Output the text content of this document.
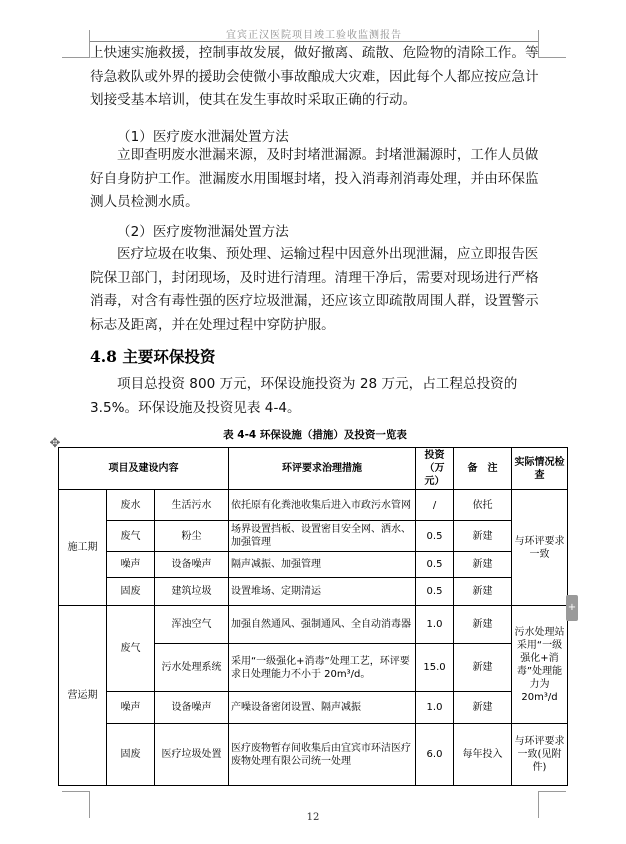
宜宾正汉医院项目竣工验收监测报告
上快速实施救援，控制事故发展，做好撤离、疏散、危险物的清除工作。等待急救队或外界的援助会使微小事故酿成大灾难，因此每个人都应按应急计划接受基本培训，使其在发生事故时采取正确的行动。
（1）医疗废水泄漏处置方法
立即查明废水泄漏来源，及时封堵泄漏源。封堵泄漏源时，工作人员做好自身防护工作。泄漏废水用围堰封堵，投入消毒剂消毒处理，并由环保监测人员检测水质。
（2）医疗废物泄漏处置方法
医疗垃圾在收集、预处理、运输过程中因意外出现泄漏，应立即报告医院保卫部门，封闭现场，及时进行清理。清理干净后，需要对现场进行严格消毒，对含有毒性强的医疗垃圾泄漏，还应该立即疏散周围人群，设置警示标志及距离，并在处理过程中穿防护服。
4.8 主要环保投资
项目总投资 800 万元，环保设施投资为 28 万元，占工程总投资的 3.5%。环保设施及投资见表 4-4。
表 4-4 环保设施（措施）及投资一览表
✥
项目及建设内容			环评要求治理措施	投资（万元）	备　注	实际情况检查
施工期	废水	生活污水	依托原有化粪池收集后进入市政污水管网	/	依托	与环评要求一致
	废气	粉尘	场界设置挡板、设置密目安全网、洒水、加强管理	0.5	新建	
	噪声	设备噪声	隔声减振、加强管理	0.5	新建	
	固废	建筑垃圾	设置堆场、定期清运	0.5	新建	
营运期	废气	浑浊空气	加强自然通风、强制通风、全自动消毒器	1.0	新建	污水处理站采用“一级强化+消毒”处理能力为 20m³/d
		污水处理系统	采用“一级强化+消毒”处理工艺，环评要求日处理能力不小于 20m³/d。	15.0	新建	
	噪声	设备噪声	产噪设备密闭设置、隔声减振	1.0	新建	
	固废	医疗垃圾处置	医疗废物暂存间收集后由宜宾市环洁医疗废物处理有限公司统一处理	6.0	每年投入	与环评要求一致(见附件)
+
12
